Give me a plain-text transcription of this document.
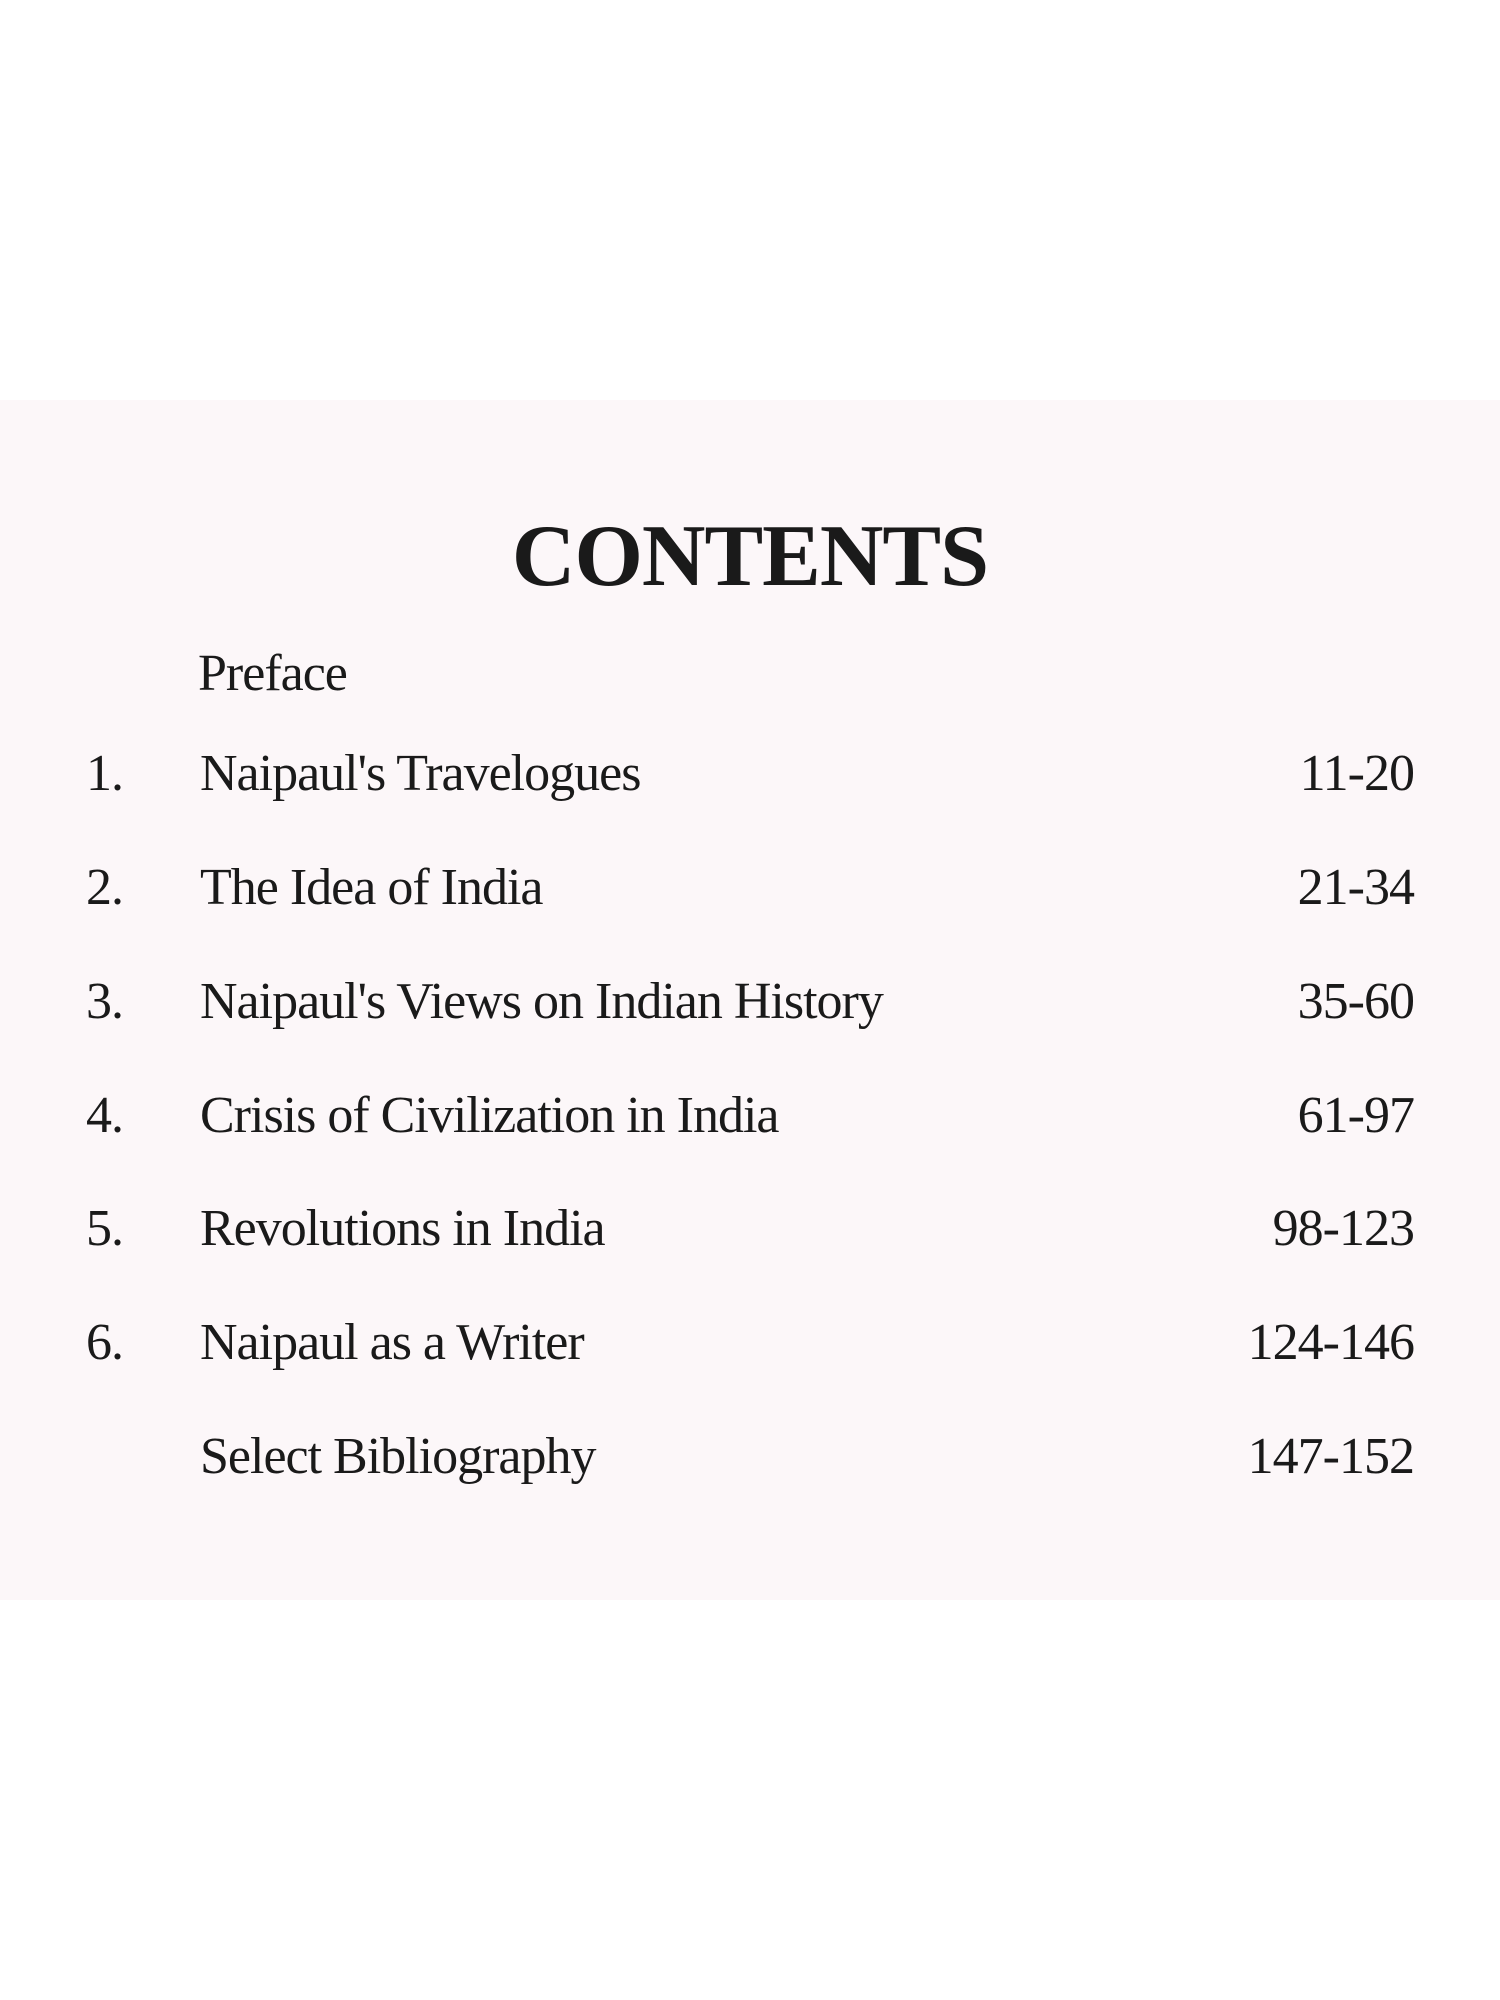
CONTENTS
Preface
1. Naipaul's Travelogues	11-20
2. The Idea of India	21-34
3. Naipaul's Views on Indian History	35-60
4. Crisis of Civilization in India	61-97
5. Revolutions in India	98-123
6. Naipaul as a Writer	124-146
Select Bibliography	147-152
